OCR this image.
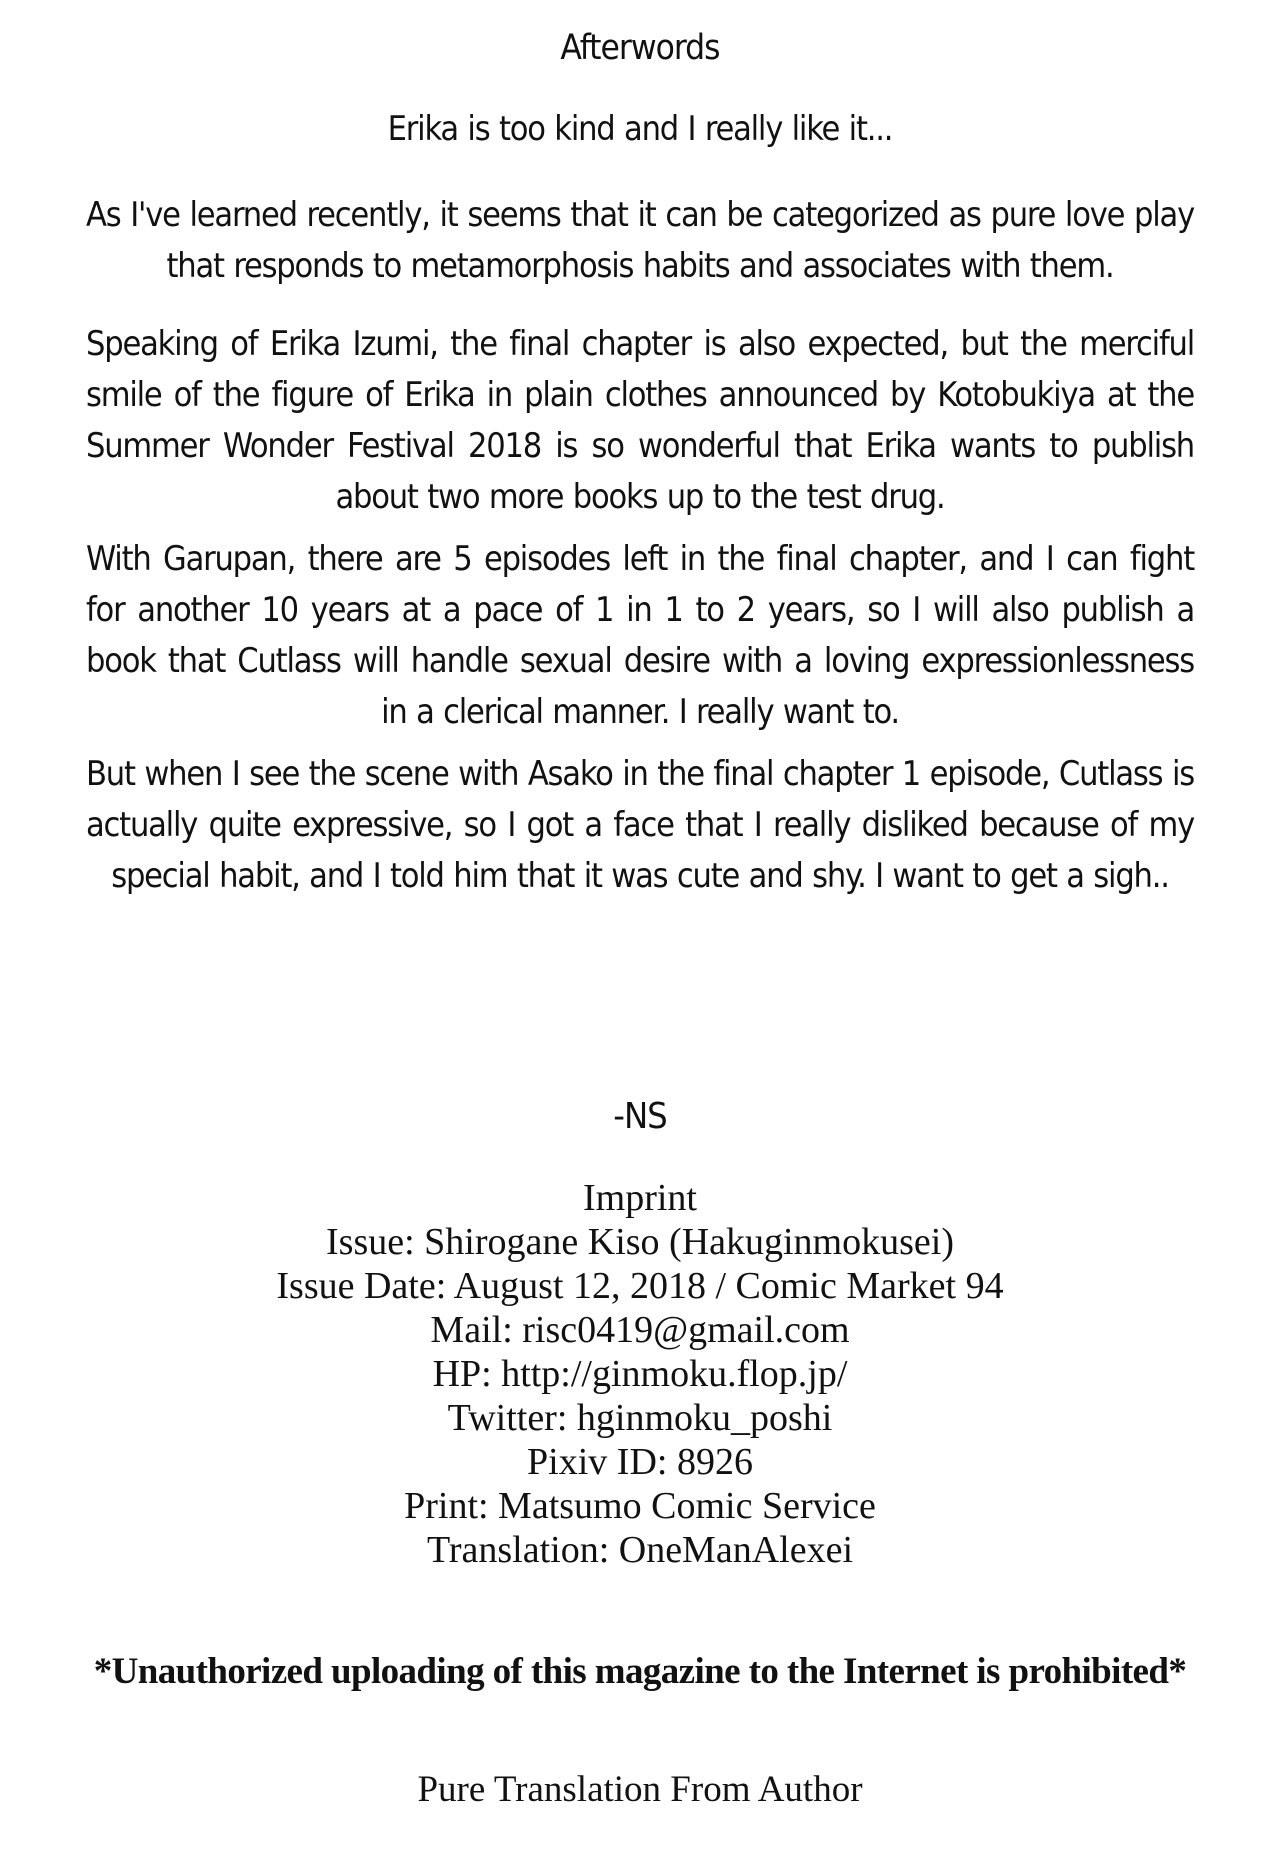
Afterwords

Erika is too kind and I really like it...

As I've learned recently, it seems that it can be categorized as pure love play that responds to metamorphosis habits and associates with them.

Speaking of Erika Izumi, the final chapter is also expected, but the merciful smile of the figure of Erika in plain clothes announced by Kotobukiya at the Summer Wonder Festival 2018 is so wonderful that Erika wants to publish about two more books up to the test drug.

With Garupan, there are 5 episodes left in the final chapter, and I can fight for another 10 years at a pace of 1 in 1 to 2 years, so I will also publish a book that Cutlass will handle sexual desire with a loving expressionlessness in a clerical manner. I really want to.

But when I see the scene with Asako in the final chapter 1 episode, Cutlass is actually quite expressive, so I got a face that I really disliked because of my special habit, and I told him that it was cute and shy. I want to get a sigh..

-NS
Imprint
Issue: Shirogane Kiso (Hakuginmokusei)
Issue Date: August 12, 2018 / Comic Market 94
Mail: risc0419@gmail.com
HP: http://ginmoku.flop.jp/
Twitter: hginmoku_poshi
Pixiv ID: 8926
Print: Matsumo Comic Service
Translation: OneManAlexei
*Unauthorized uploading of this magazine to the Internet is prohibited*
Pure Translation From Author
